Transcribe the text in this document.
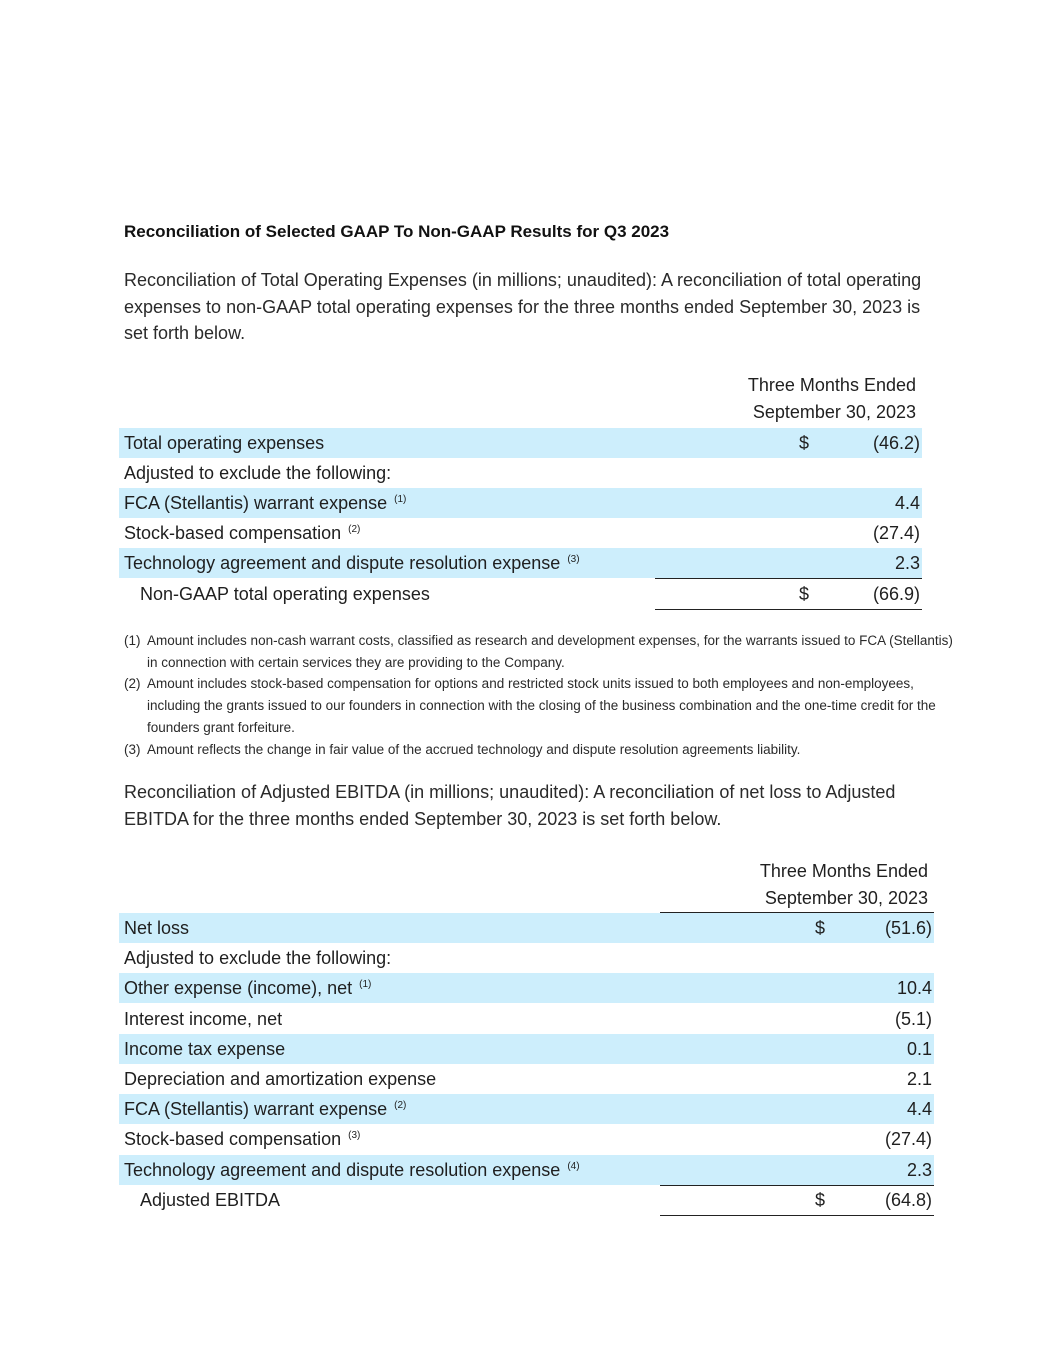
Reconciliation of Selected GAAP To Non-GAAP Results for Q3 2023
Reconciliation of Total Operating Expenses (in millions; unaudited): A reconciliation of total operating expenses to non-GAAP total operating expenses for the three months ended September 30, 2023 is set forth below.
Three Months Ended
September 30, 2023
Total operating expenses	$	(46.2)
Adjusted to exclude the following:
FCA (Stellantis) warrant expense $^{(1)}$	4.4
Stock-based compensation $^{(2)}$	(27.4)
Technology agreement and dispute resolution expense $^{(3)}$	2.3
Non-GAAP total operating expenses	$	(66.9)
(1) Amount includes non-cash warrant costs, classified as research and development expenses, for the warrants issued to FCA (Stellantis) in connection with certain services they are providing to the Company.
(2) Amount includes stock-based compensation for options and restricted stock units issued to both employees and non-employees, including the grants issued to our founders in connection with the closing of the business combination and the one-time credit for the founders grant forfeiture.
(3) Amount reflects the change in fair value of the accrued technology and dispute resolution agreements liability.
Reconciliation of Adjusted EBITDA (in millions; unaudited): A reconciliation of net loss to Adjusted EBITDA for the three months ended September 30, 2023 is set forth below.
Three Months Ended
September 30, 2023
Net loss	$	(51.6)
Adjusted to exclude the following:
Other expense (income), net $^{(1)}$	10.4
Interest income, net	(5.1)
Income tax expense	0.1
Depreciation and amortization expense	2.1
FCA (Stellantis) warrant expense $^{(2)}$	4.4
Stock-based compensation $^{(3)}$	(27.4)
Technology agreement and dispute resolution expense $^{(4)}$	2.3
Adjusted EBITDA	$	(64.8)
